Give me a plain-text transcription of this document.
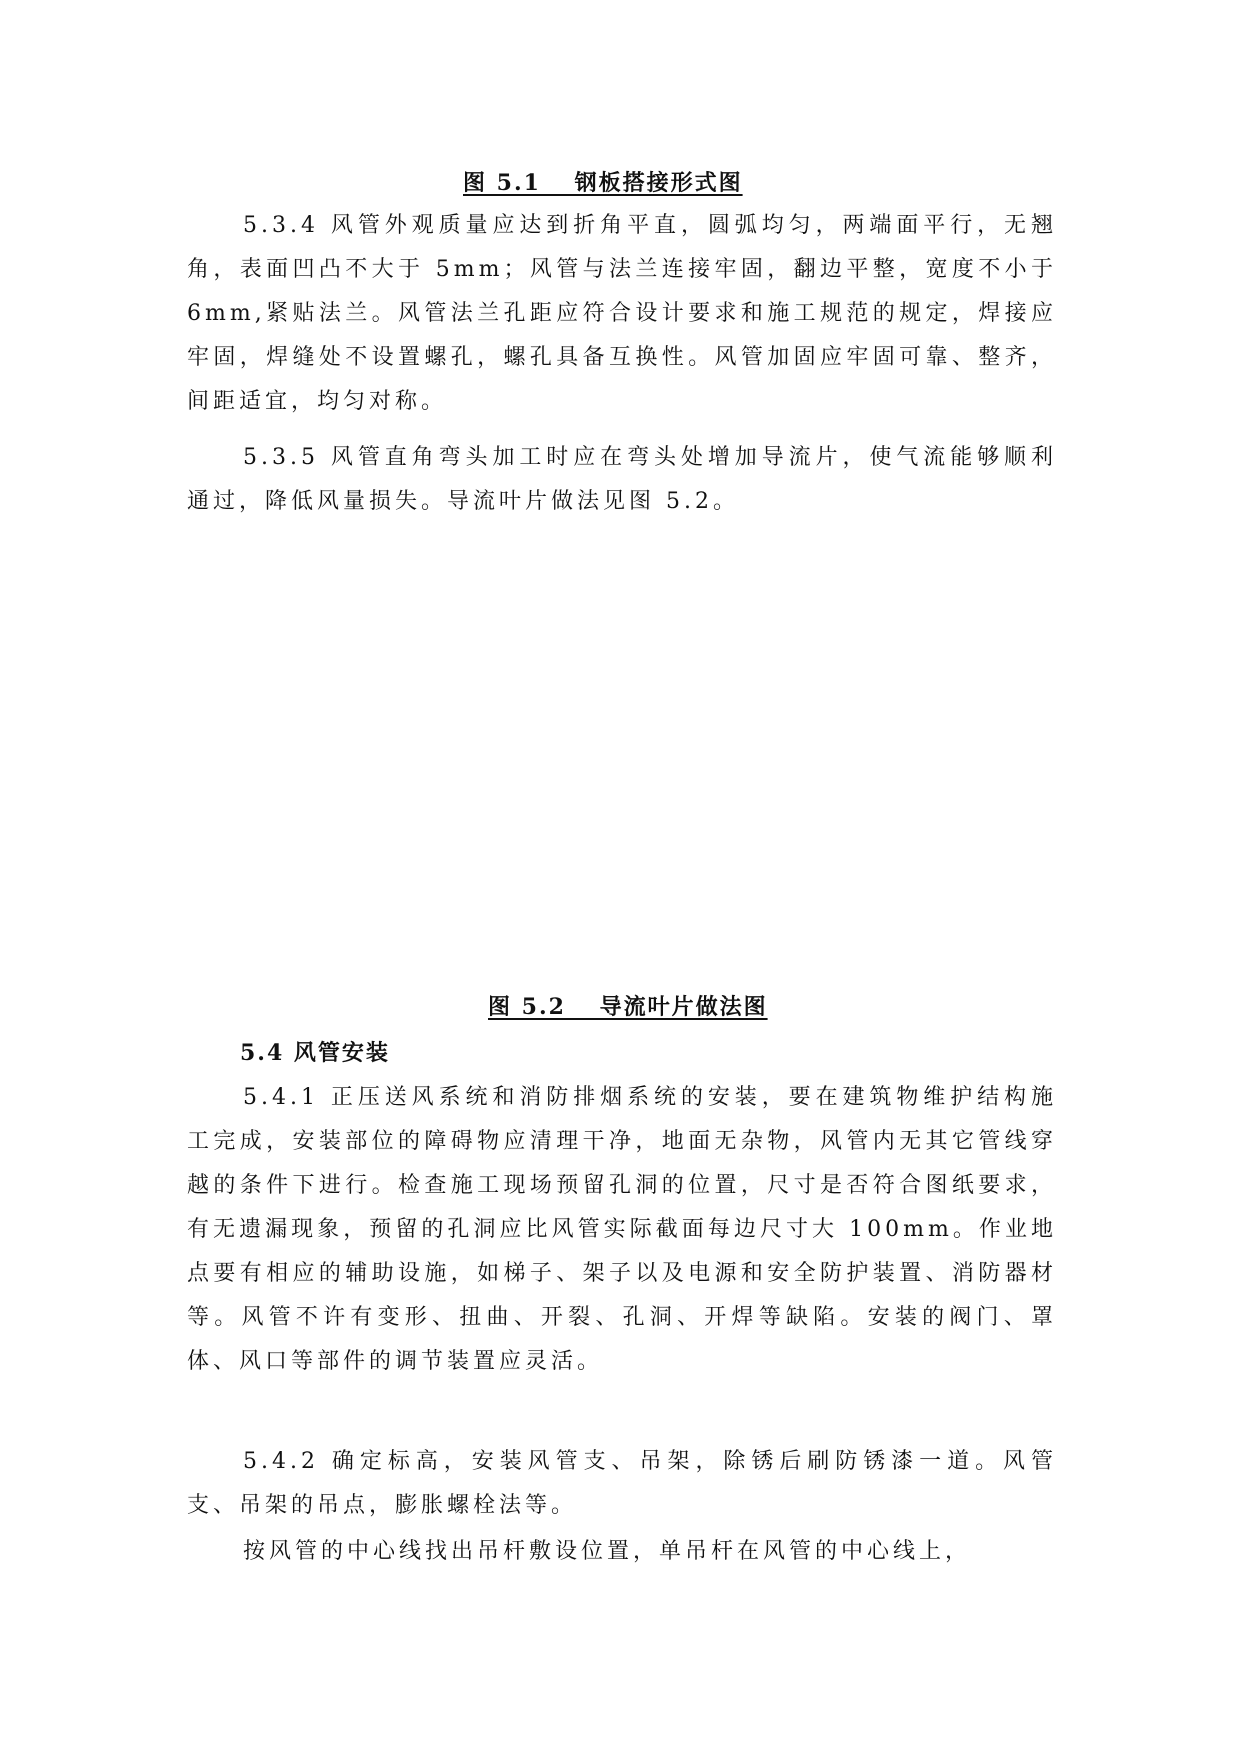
图 5.1　 钢板搭接形式图

5.3.4 风管外观质量应达到折角平直，圆弧均匀，两端面平行，无翘角，表面凹凸不大于 5mm；风管与法兰连接牢固，翻边平整，宽度不小于 6mm,紧贴法兰。风管法兰孔距应符合设计要求和施工规范的规定，焊接应牢固，焊缝处不设置螺孔，螺孔具备互换性。风管加固应牢固可靠、整齐，间距适宜，均匀对称。

5.3.5 风管直角弯头加工时应在弯头处增加导流片，使气流能够顺利通过，降低风量损失。导流叶片做法见图 5.2。

图 5.2　 导流叶片做法图

5.4 风管安装

5.4.1 正压送风系统和消防排烟系统的安装，要在建筑物维护结构施工完成，安装部位的障碍物应清理干净，地面无杂物，风管内无其它管线穿越的条件下进行。检查施工现场预留孔洞的位置，尺寸是否符合图纸要求，有无遗漏现象，预留的孔洞应比风管实际截面每边尺寸大 100mm。作业地点要有相应的辅助设施，如梯子、架子以及电源和安全防护装置、消防器材等。风管不许有变形、扭曲、开裂、孔洞、开焊等缺陷。安装的阀门、罩体、风口等部件的调节装置应灵活。

5.4.2 确定标高，安装风管支、吊架，除锈后刷防锈漆一道。风管支、吊架的吊点，膨胀螺栓法等。

按风管的中心线找出吊杆敷设位置，单吊杆在风管的中心线上，
